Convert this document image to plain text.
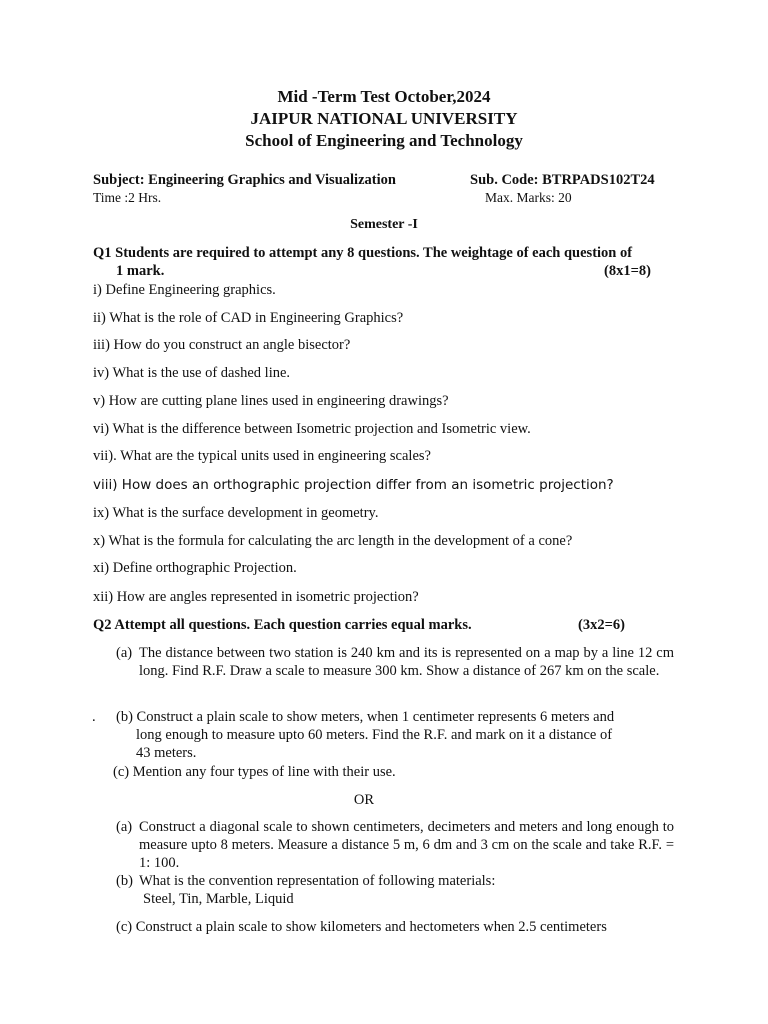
Mid -Term Test October,2024
JAIPUR NATIONAL UNIVERSITY
School of Engineering and Technology
Subject: Engineering Graphics and Visualization	Sub. Code: BTRPADS102T24
Time :2 Hrs.	Max. Marks: 20
Semester -I
Q1 Students are required to attempt any 8 questions. The weightage of each question of
1 mark.	(8x1=8)
i) Define Engineering graphics.
ii) What is the role of CAD in Engineering Graphics?
iii) How do you construct an angle bisector?
iv) What is the use of dashed line.
v) How are cutting plane lines used in engineering drawings?
vi) What is the difference between Isometric projection and Isometric view.
vii). What are the typical units used in engineering scales?
viii) How does an orthographic projection differ from an isometric projection?
ix) What is the surface development in geometry.
x) What is the formula for calculating the arc length in the development of a cone?
xi) Define orthographic Projection.
xii) How are angles represented in isometric projection?
Q2 Attempt all questions. Each question carries equal marks.	(3x2=6)
(a) The distance between two station is 240 km and its is represented on a map by a line 12 cm long. Find R.F. Draw a scale to measure 300 km. Show a distance of 267 km on the scale.
. (b) Construct a plain scale to show meters, when 1 centimeter represents 6 meters and
long enough to measure upto 60 meters. Find the R.F. and mark on it a distance of
43 meters.
(c) Mention any four types of line with their use.
OR
(a) Construct a diagonal scale to shown centimeters, decimeters and meters and long enough to measure upto 8 meters. Measure a distance 5 m, 6 dm and 3 cm on the scale and take R.F. = 1: 100.
(b) What is the convention representation of following materials:
Steel, Tin, Marble, Liquid
(c) Construct a plain scale to show kilometers and hectometers when 2.5 centimeters
